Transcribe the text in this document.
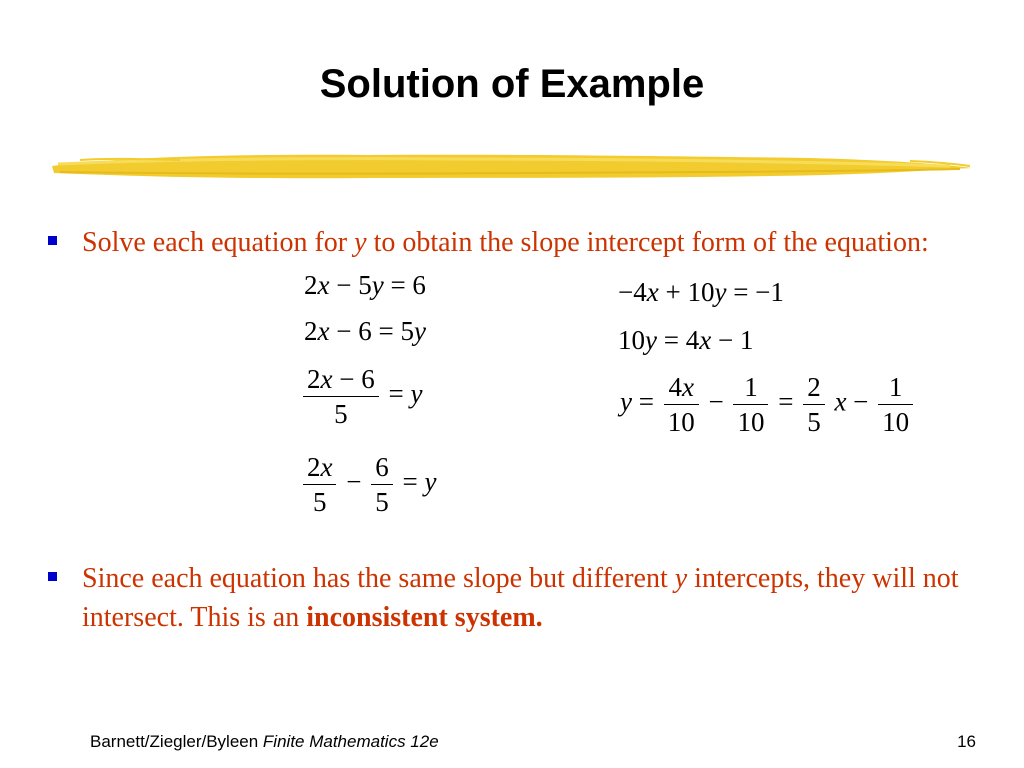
Solution of Example
Solve each equation for y to obtain the slope intercept form of the equation:
2x − 5y = 6
2x − 6 = 5y
$\frac{2x - 6}{5} = y$
$\frac{2x}{5} - \frac{6}{5} = y$
−4x + 10y = −1
10y = 4x − 1
$y = \frac{4x}{10} - \frac{1}{10} = \frac{2}{5}$ $x - \frac{1}{10}$
Since each equation has the same slope but different y intercepts, they will not intersect. This is an inconsistent system.
Barnett/Ziegler/Byleen Finite Mathematics 12e	16
